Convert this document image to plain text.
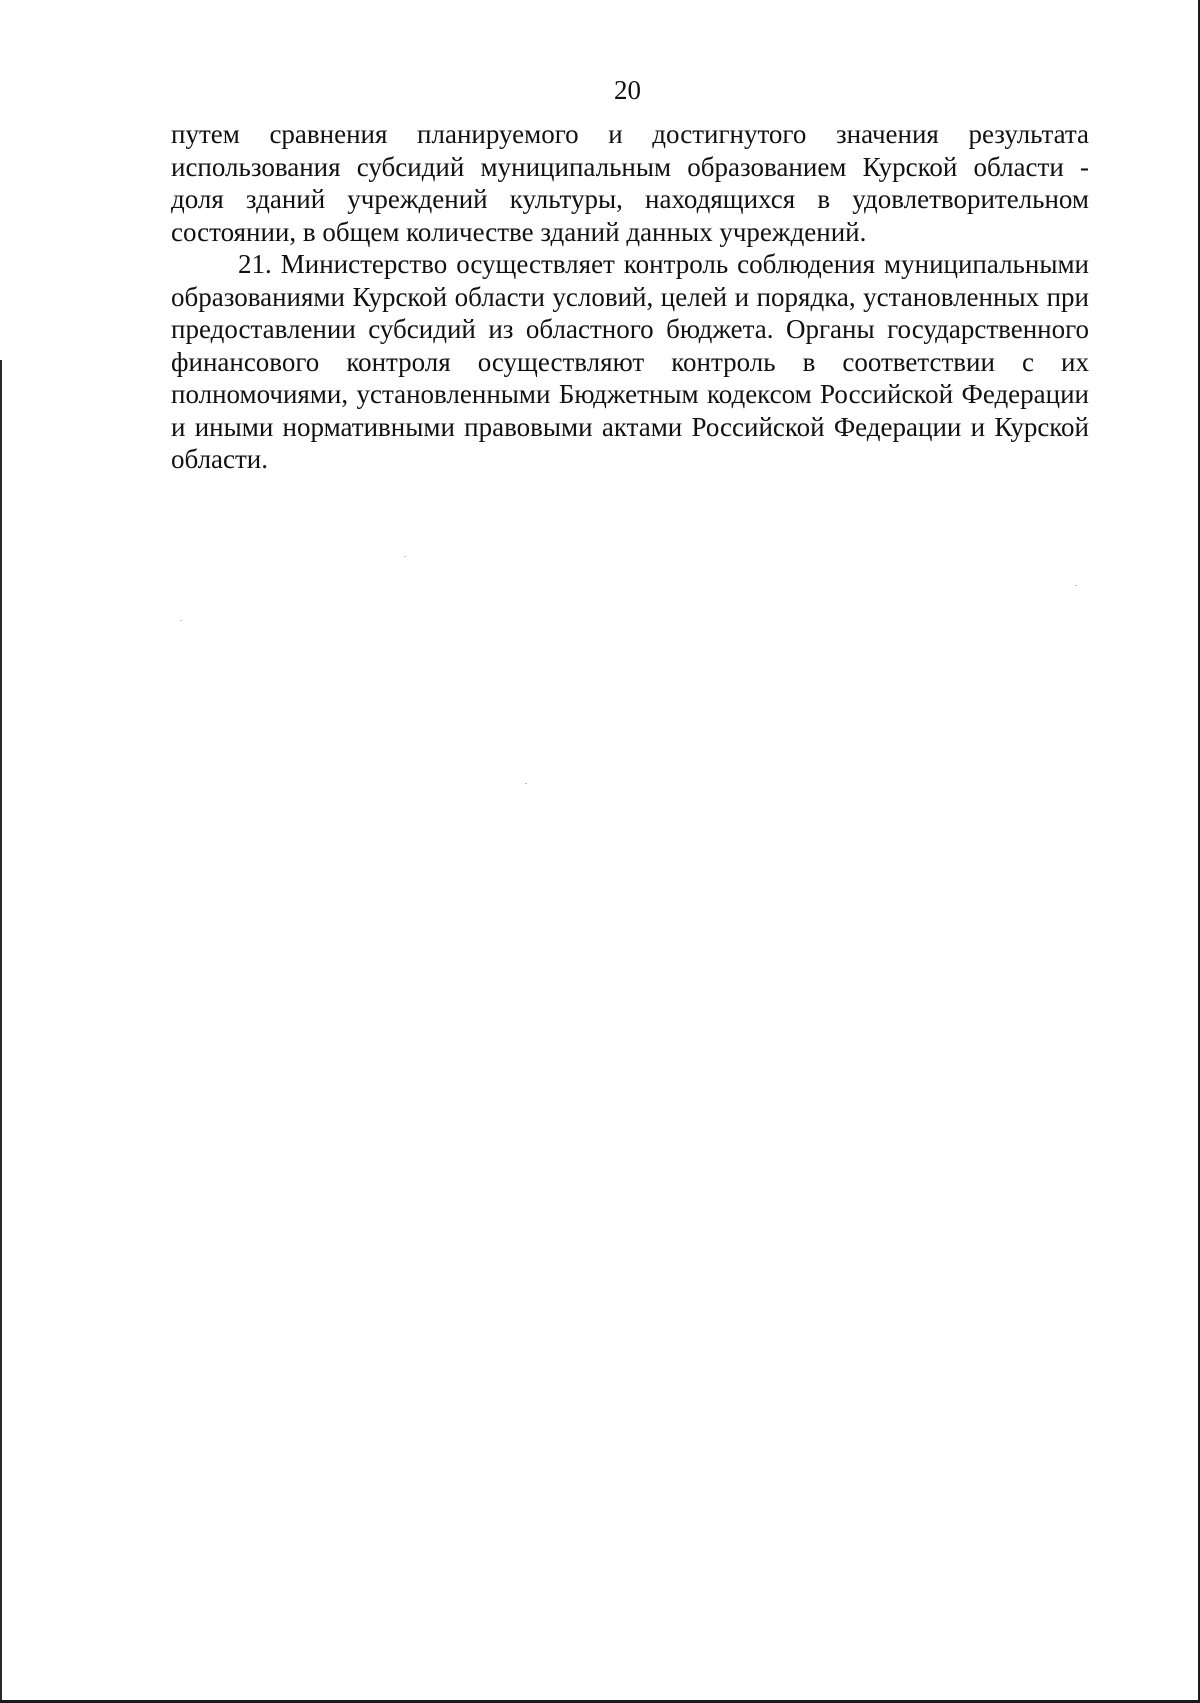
20

путем сравнения планируемого и достигнутого значения результата использования субсидий муниципальным образованием Курской области - доля зданий учреждений культуры, находящихся в удовлетворительном состоянии, в общем количестве зданий данных учреждений.

21. Министерство осуществляет контроль соблюдения муниципальными образованиями Курской области условий, целей и порядка, установленных при предоставлении субсидий из областного бюджета. Органы государственного финансового контроля осуществляют контроль в соответствии с их полномочиями, установленными Бюджетным кодексом Российской Федерации и иными нормативными правовыми актами Российской Федерации и Курской области.
